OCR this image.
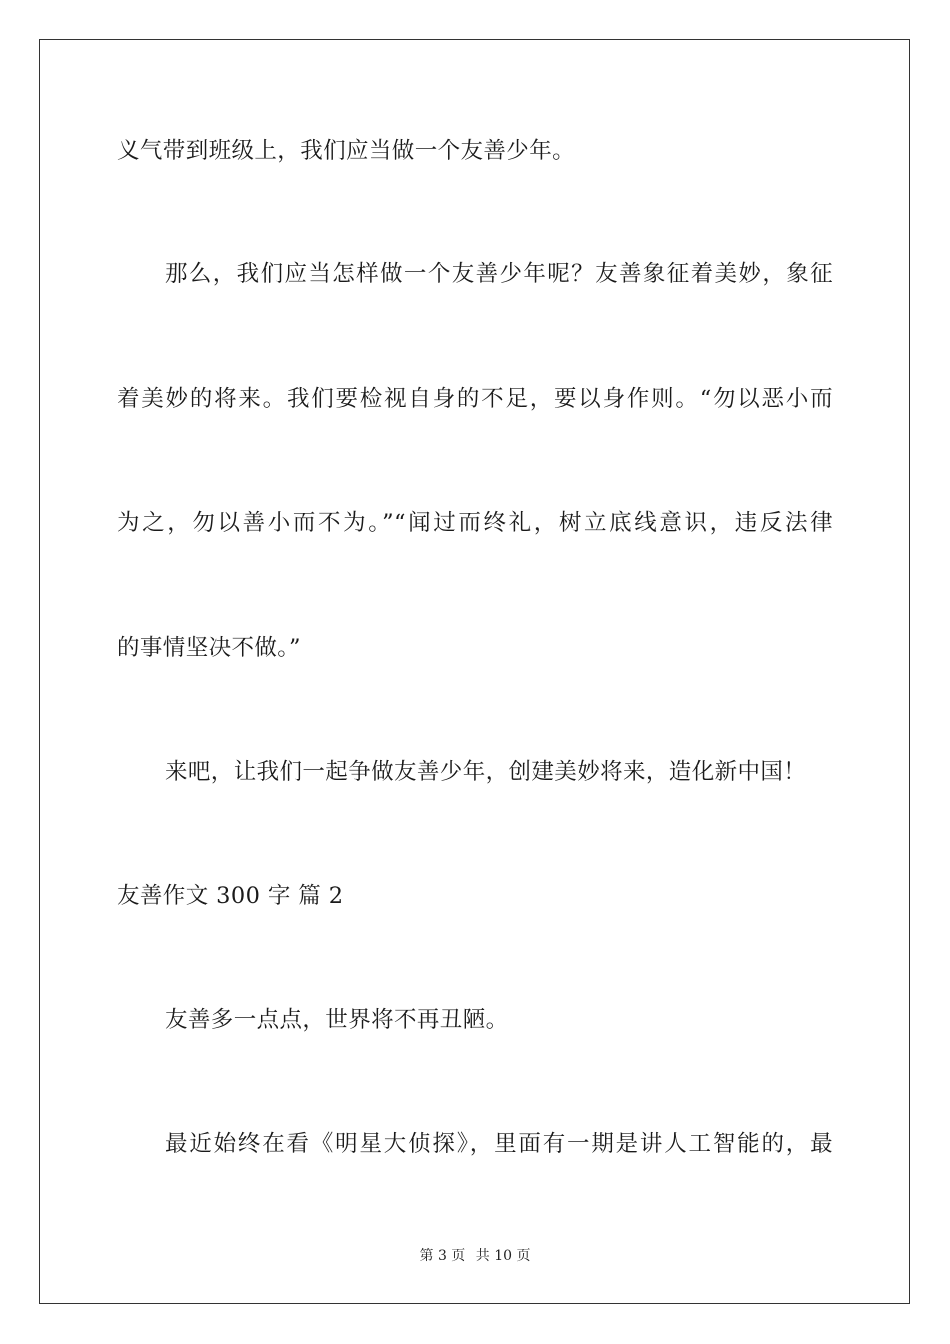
义气带到班级上，我们应当做一个友善少年。
那么，我们应当怎样做一个友善少年呢？友善象征着美妙，象征
着美妙的将来。我们要检视自身的不足，要以身作则。“勿以恶小而
为之，勿以善小而不为。”“闻过而终礼，树立底线意识，违反法律
的事情坚决不做。”
来吧，让我们一起争做友善少年，创建美妙将来，造化新中国！
友善作文 300 字 篇 2
友善多一点点，世界将不再丑陋。
最近始终在看《明星大侦探》，里面有一期是讲人工智能的，最
第 3 页 共 10 页
